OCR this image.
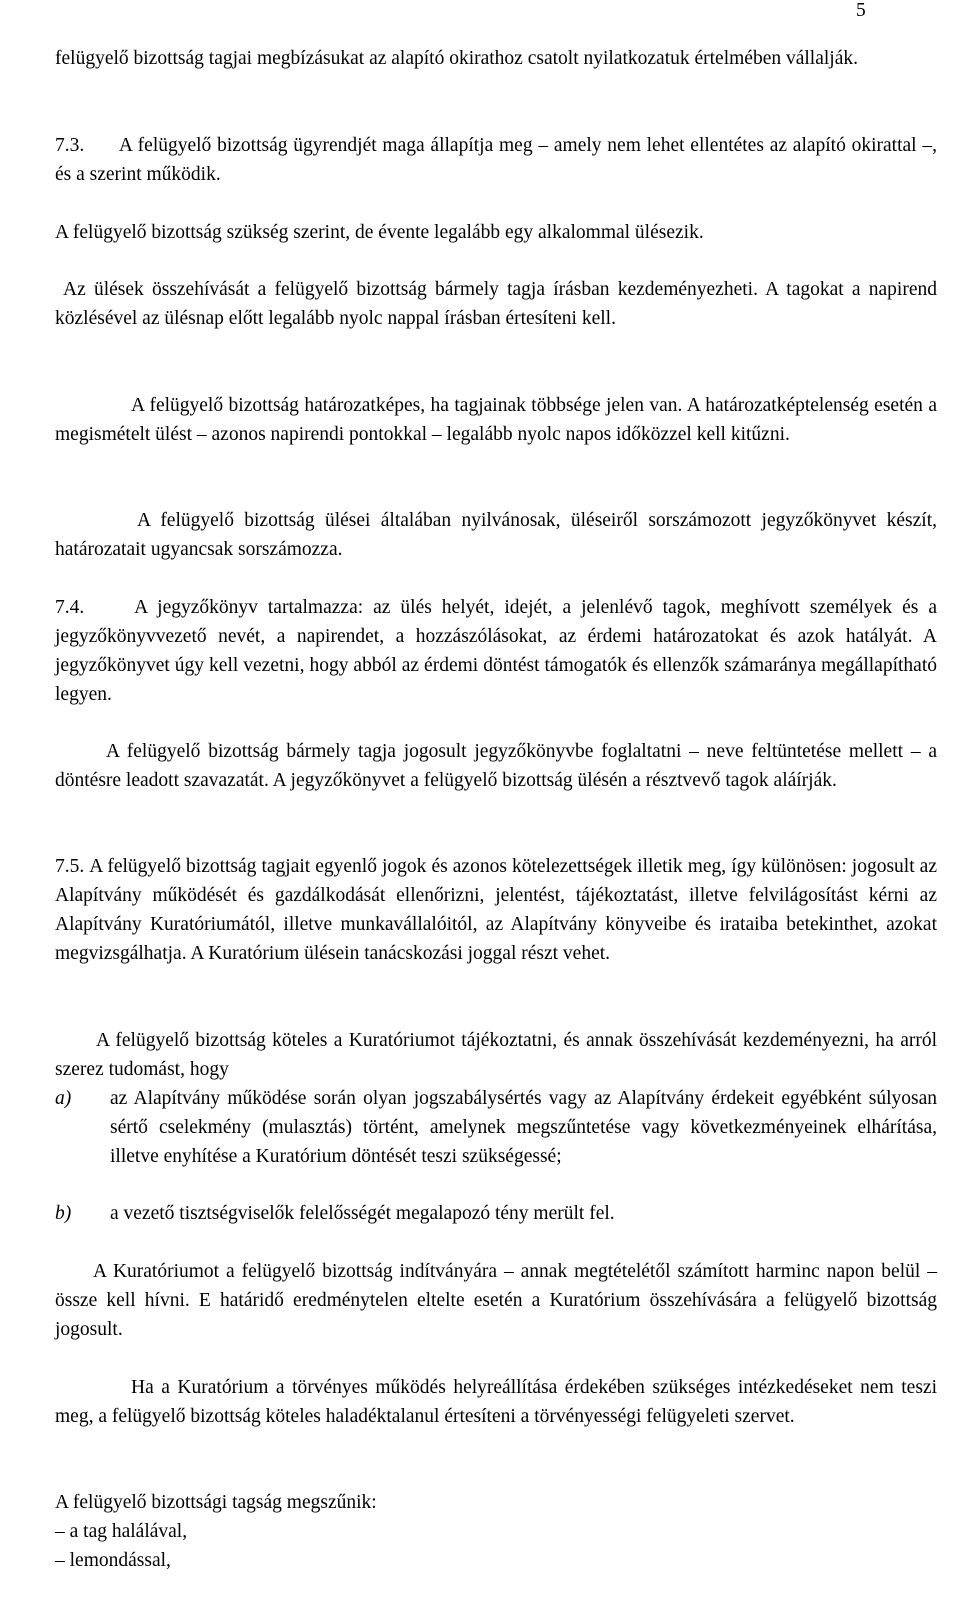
5

felügyelő bizottság tagjai megbízásukat az alapító okirathoz csatolt nyilatkozatuk értelmében vállalják.

7.3. A felügyelő bizottság ügyrendjét maga állapítja meg – amely nem lehet ellentétes az alapító okirattal –, és a szerint működik.

A felügyelő bizottság szükség szerint, de évente legalább egy alkalommal ülésezik.

Az ülések összehívását a felügyelő bizottság bármely tagja írásban kezdeményezheti. A tagokat a napirend közlésével az ülésnap előtt legalább nyolc nappal írásban értesíteni kell.

A felügyelő bizottság határozatképes, ha tagjainak többsége jelen van. A határozatképtelenség esetén a megismételt ülést – azonos napirendi pontokkal – legalább nyolc napos időközzel kell kitűzni.

A felügyelő bizottság ülései általában nyilvánosak, üléseiről sorszámozott jegyzőkönyvet készít, határozatait ugyancsak sorszámozza.

7.4.	A jegyzőkönyv tartalmazza: az ülés helyét, idejét, a jelenlévő tagok, meghívott személyek és a jegyzőkönyvvezető nevét, a napirendet, a hozzászólásokat, az érdemi határozatokat és azok hatályát. A jegyzőkönyvet úgy kell vezetni, hogy abból az érdemi döntést támogatók és ellenzők számaránya megállapítható legyen.

A felügyelő bizottság bármely tagja jogosult jegyzőkönyvbe foglaltatni – neve feltüntetése mellett – a döntésre leadott szavazatát. A jegyzőkönyvet a felügyelő bizottság ülésén a résztvevő tagok aláírják.

7.5. A felügyelő bizottság tagjait egyenlő jogok és azonos kötelezettségek illetik meg, így különösen: jogosult az Alapítvány működését és gazdálkodását ellenőrizni, jelentést, tájékoztatást, illetve felvilágosítást kérni az Alapítvány Kuratóriumától, illetve munkavállalóitól, az Alapítvány könyveibe és irataiba betekinthet, azokat megvizsgálhatja. A Kuratórium ülésein tanácskozási joggal részt vehet.

A felügyelő bizottság köteles a Kuratóriumot tájékoztatni, és annak összehívását kezdeményezni, ha arról szerez tudomást, hogy

a) az Alapítvány működése során olyan jogszabálysértés vagy az Alapítvány érdekeit egyébként súlyosan sértő cselekmény (mulasztás) történt, amelynek megszűntetése vagy következményeinek elhárítása, illetve enyhítése a Kuratórium döntését teszi szükségessé;
b) a vezető tisztségviselők felelősségét megalapozó tény merült fel.

A Kuratóriumot a felügyelő bizottság indítványára – annak megtételétől számított harminc napon belül – össze kell hívni. E határidő eredménytelen eltelte esetén a Kuratórium összehívására a felügyelő bizottság jogosult.

Ha a Kuratórium a törvényes működés helyreállítása érdekében szükséges intézkedéseket nem teszi meg, a felügyelő bizottság köteles haladéktalanul értesíteni a törvényességi felügyeleti szervet.

A felügyelő bizottsági tagság megszűnik:

– a tag halálával,
– lemondással,
